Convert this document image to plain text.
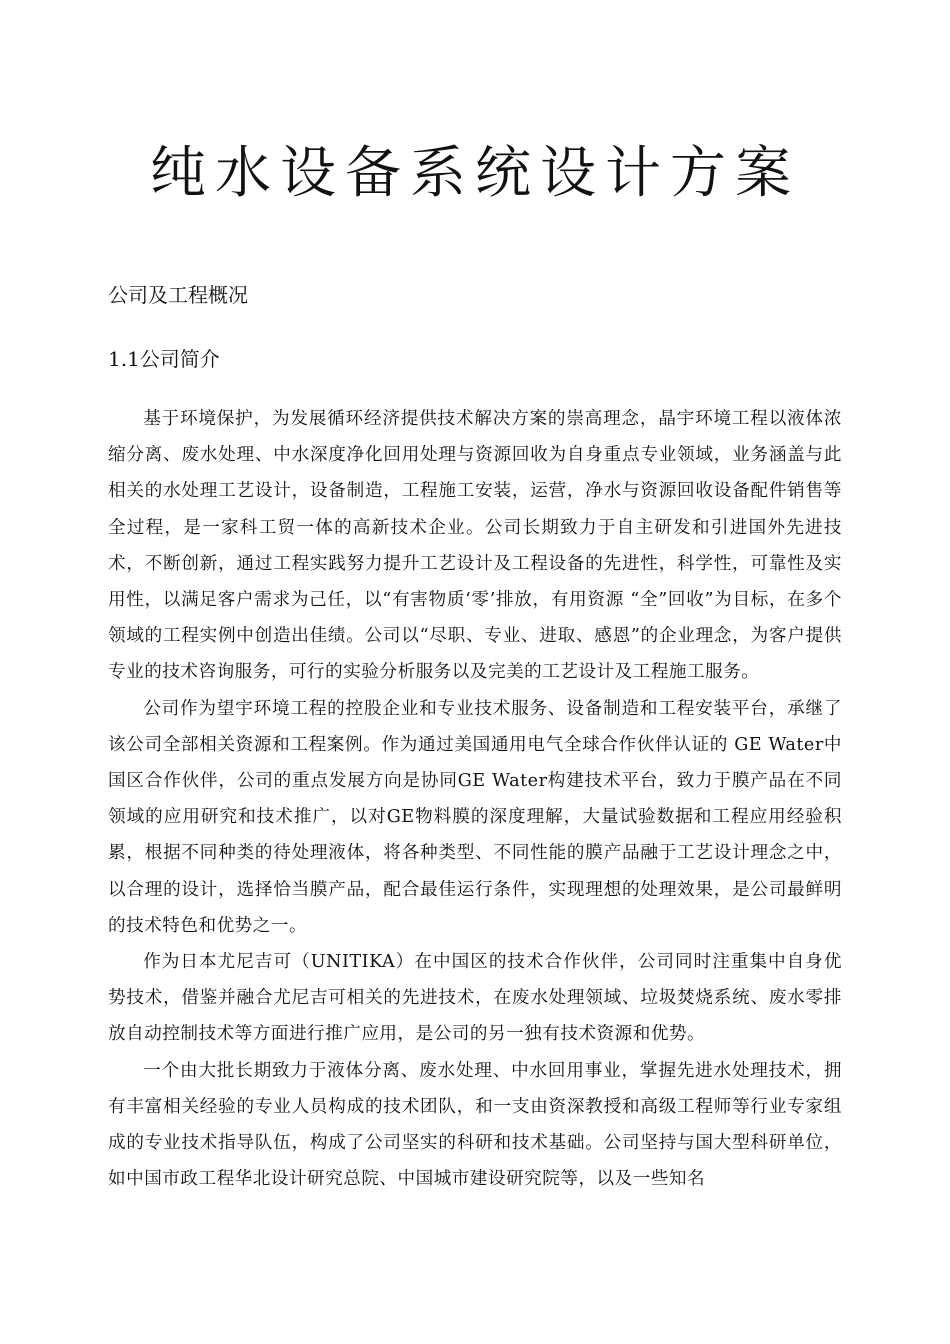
纯水设备系统设计方案
公司及工程概况
1.1公司简介

基于环境保护，为发展循环经济提供技术解决方案的崇高理念，晶宇环境工程以液体浓缩分离、废水处理、中水深度净化回用处理与资源回收为自身重点专业领域，业务涵盖与此相关的水处理工艺设计，设备制造，工程施工安装，运营，净水与资源回收设备配件销售等全过程，是一家科工贸一体的高新技术企业。公司长期致力于自主研发和引进国外先进技术，不断创新，通过工程实践努力提升工艺设计及工程设备的先进性，科学性，可靠性及实用性，以满足客户需求为己任，以“有害物质‘零’排放，有用资源 “全”回收”为目标，在多个领域的工程实例中创造出佳绩。公司以“尽职、专业、进取、感恩”的企业理念，为客户提供专业的技术咨询服务，可行的实验分析服务以及完美的工艺设计及工程施工服务。

公司作为望宇环境工程的控股企业和专业技术服务、设备制造和工程安装平台，承继了该公司全部相关资源和工程案例。作为通过美国通用电气全球合作伙伴认证的 GE Water中国区合作伙伴，公司的重点发展方向是协同GE Water构建技术平台，致力于膜产品在不同领域的应用研究和技术推广，以对GE物料膜的深度理解，大量试验数据和工程应用经验积累，根据不同种类的待处理液体，将各种类型、不同性能的膜产品融于工艺设计理念之中，以合理的设计，选择恰当膜产品，配合最佳运行条件，实现理想的处理效果，是公司最鲜明的技术特色和优势之一。

作为日本尤尼吉可（UNITIKA）在中国区的技术合作伙伴，公司同时注重集中自身优势技术，借鉴并融合尤尼吉可相关的先进技术，在废水处理领域、垃圾焚烧系统、废水零排放自动控制技术等方面进行推广应用，是公司的另一独有技术资源和优势。

一个由大批长期致力于液体分离、废水处理、中水回用事业，掌握先进水处理技术，拥有丰富相关经验的专业人员构成的技术团队，和一支由资深教授和高级工程师等行业专家组成的专业技术指导队伍，构成了公司坚实的科研和技术基础。公司坚持与国大型科研单位，如中国市政工程华北设计研究总院、中国城市建设研究院等，以及一些知名
